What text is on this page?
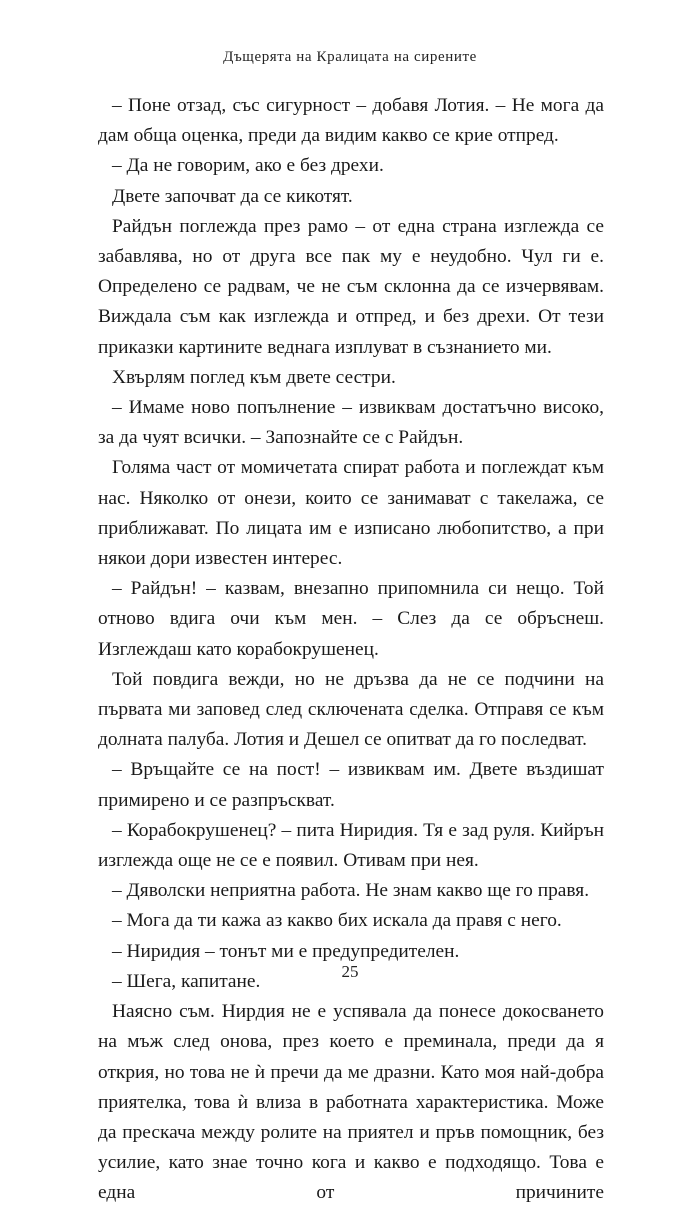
Дъщерята на Кралицата на сирените

– Поне отзад, със сигурност – добавя Лотия. – Не мога да дам обща оценка, преди да видим какво се крие отпред.

– Да не говорим, ако е без дрехи.

Двете започват да се кикотят.

Райдън поглежда през рамо – от една страна изглежда се забавлява, но от друга все пак му е неудобно. Чул ги е. Определено се радвам, че не съм склонна да се изчервявам. Виждала съм как изглежда и отпред, и без дрехи. От тези приказки картините веднага изплуват в съзнанието ми.

Хвърлям поглед към двете сестри.

– Имаме ново попълнение – извиквам достатъчно високо, за да чуят всички. – Запознайте се с Райдън.

Голяма част от момичетата спират работа и поглеждат към нас. Няколко от онези, които се занимават с такелажа, се приближават. По лицата им е изписано любопитство, а при някои дори известен интерес.

– Райдън! – казвам, внезапно припомнила си нещо. Той отново вдига очи към мен. – Слез да се обръснеш. Изглеждаш като корабокрушенец.

Той повдига вежди, но не дръзва да не се подчини на първата ми заповед след сключената сделка. Отправя се към долната палуба. Лотия и Дешел се опитват да го последват.

– Връщайте се на пост! – извиквам им. Двете въздишат примирено и се разпръскват.

– Корабокрушенец? – пита Ниридия. Тя е зад руля. Кийрън изглежда още не се е появил. Отивам при нея.

– Дяволски неприятна работа. Не знам какво ще го правя.

– Мога да ти кажа аз какво бих искала да правя с него.

– Ниридия – тонът ми е предупредителен.

– Шега, капитане.

Наясно съм. Нирдия не е успявала да понесе докосването на мъж след онова, през което е преминала, преди да я открия, но това не ѝ пречи да ме дразни. Като моя най-добра приятелка, това ѝ влиза в работната характеристика. Може да прескача между ролите на приятел и пръв помощник, без усилие, като знае точно кога и какво е подходящо. Това е една от причините

25
